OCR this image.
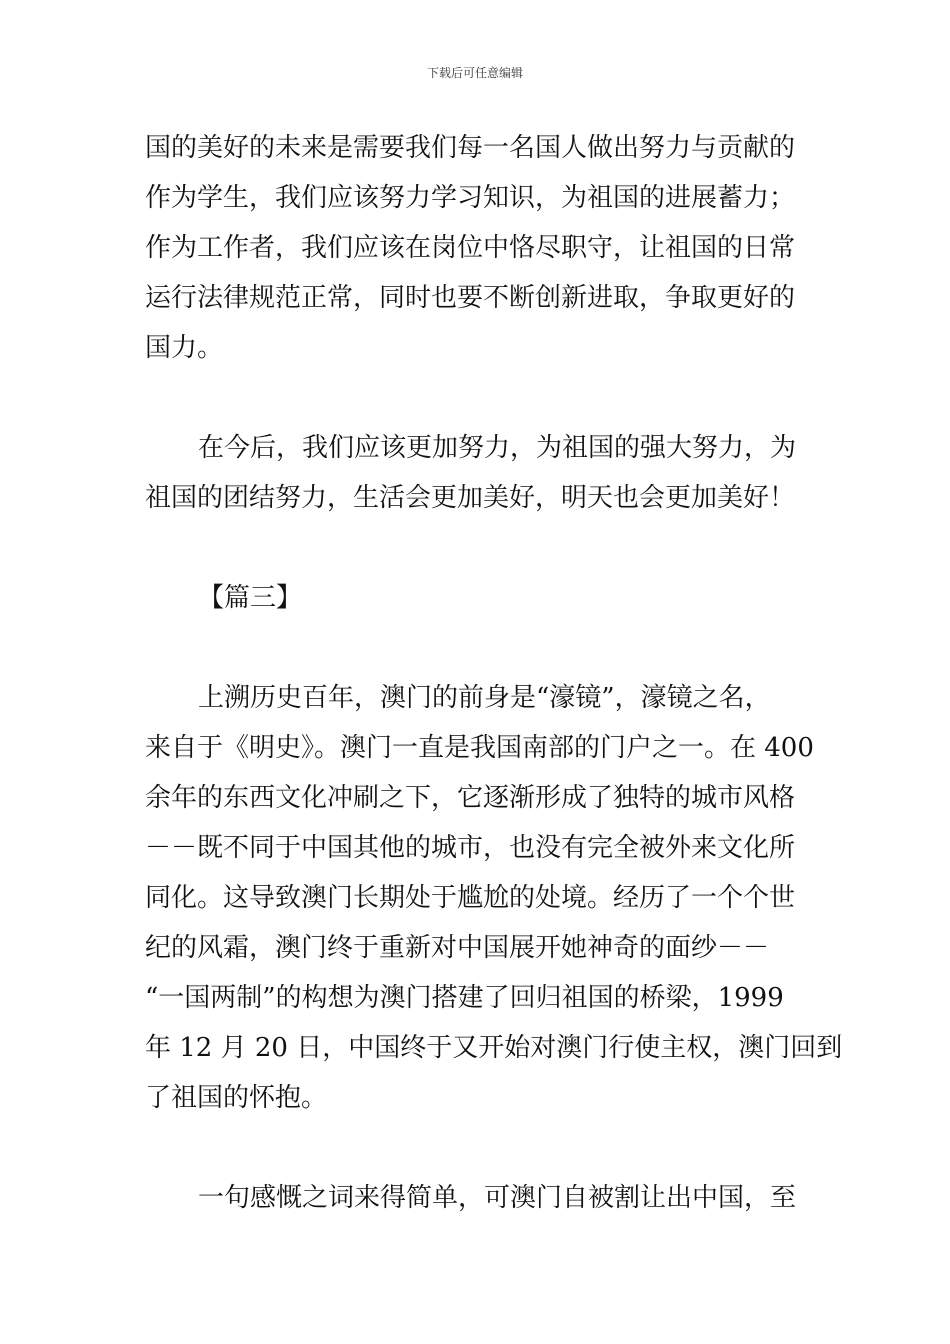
下载后可任意编辑
国的美好的未来是需要我们每一名国人做出努力与贡献的
作为学生，我们应该努力学习知识，为祖国的进展蓄力；
作为工作者，我们应该在岗位中恪尽职守，让祖国的日常
运行法律规范正常，同时也要不断创新进取，争取更好的
国力。
在今后，我们应该更加努力，为祖国的强大努力，为
祖国的团结努力，生活会更加美好，明天也会更加美好！
【篇三】
上溯历史百年，澳门的前身是“濠镜”，濠镜之名，
来自于《明史》。澳门一直是我国南部的门户之一。在 400
余年的东西文化冲刷之下，它逐渐形成了独特的城市风格
－－既不同于中国其他的城市，也没有完全被外来文化所
同化。这导致澳门长期处于尴尬的处境。经历了一个个世
纪的风霜，澳门终于重新对中国展开她神奇的面纱－－
“一国两制”的构想为澳门搭建了回归祖国的桥梁，1999
年 12 月 20 日，中国终于又开始对澳门行使主权，澳门回到
了祖国的怀抱。
一句感慨之词来得简单，可澳门自被割让出中国，至
